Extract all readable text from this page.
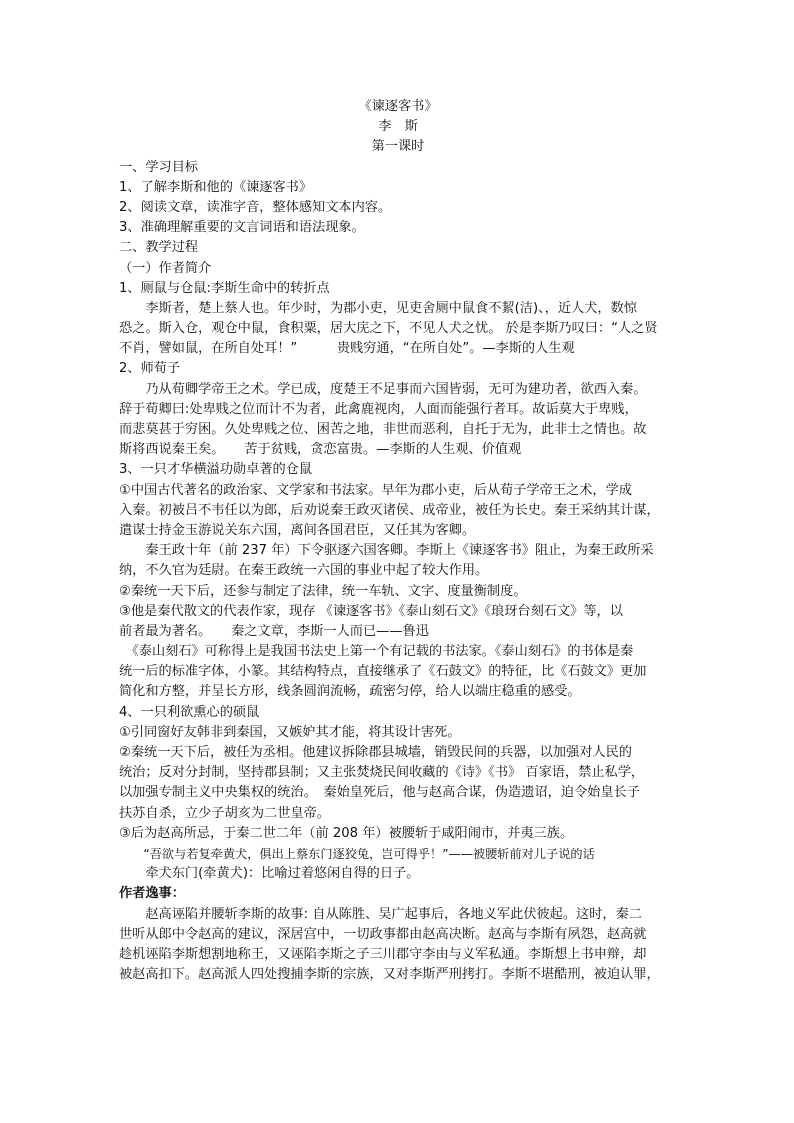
《谏逐客书》
李　斯
第一课时
一、学习目标
1、了解李斯和他的《谏逐客书》
2、阅读文章，读准字音，整体感知文本内容。
3、准确理解重要的文言词语和语法现象。
二、教学过程
（一）作者简介
1、厕鼠与仓鼠:李斯生命中的转折点
　　李斯者，楚上蔡人也。年少时，为郡小吏，见吏舍厕中鼠食不絜(洁)、，近人犬，数惊
恐之。斯入仓，观仓中鼠，食积粟，居大庑之下，不见人犬之忧。 於是李斯乃叹曰：“人之贤
不肖，譬如鼠，在所自处耳！”　　　贵贱穷通，“在所自处”。—李斯的人生观
2、师荀子
　　乃从荀卿学帝王之术。学已成，度楚王不足事而六国皆弱，无可为建功者，欲西入秦。
辞于荀卿曰:处卑贱之位而计不为者，此禽鹿视肉，人面而能强行者耳。故诟莫大于卑贱，
而悲莫甚于穷困。久处卑贱之位、困苦之地，非世而恶利，自托于无为，此非士之情也。故
斯将西说秦王矣。　　苦于贫贱，贪恋富贵。—李斯的人生观、价值观
3、一只才华横溢功勋卓著的仓鼠
①中国古代著名的政治家、文学家和书法家。早年为郡小吏，后从荀子学帝王之术，学成
入秦。初被吕不韦任以为郎，后劝说秦王政灭诸侯、成帝业，被任为长史。秦王采纳其计谋，
遣谋士持金玉游说关东六国，离间各国君臣，又任其为客卿。
　　秦王政十年（前 237 年）下令驱逐六国客卿。李斯上《谏逐客书》阻止，为秦王政所采
纳，不久官为廷尉。在秦王政统一六国的事业中起了较大作用。
②秦统一天下后，还参与制定了法律，统一车轨、文字、度量衡制度。
③他是秦代散文的代表作家，现存 《谏逐客书》《泰山刻石文》《琅玡台刻石文》等，以
前者最为著名。　　秦之文章，李斯一人而已——鲁迅
　《泰山刻石》可称得上是我国书法史上第一个有记载的书法家。《泰山刻石》的书体是秦
统一后的标准字体，小篆。其结构特点，直接继承了《石鼓文》的特征，比《石鼓文》更加
简化和方整，并呈长方形，线条圆润流畅，疏密匀停，给人以端庄稳重的感受。
4、一只利欲熏心的硕鼠
①引同窗好友韩非到秦国，又嫉妒其才能，将其设计害死。
②秦统一天下后，被任为丞相。他建议拆除郡县城墙，销毁民间的兵器，以加强对人民的
统治；反对分封制，坚持郡县制；又主张焚烧民间收藏的《诗》《书》 百家语，禁止私学，
以加强专制主义中央集权的统治。　秦始皇死后，他与赵高合谋，伪造遗诏，迫令始皇长子
扶苏自杀，立少子胡亥为二世皇帝。
③后为赵高所忌，于秦二世二年（前 208 年）被腰斩于咸阳闹市，并夷三族。
　　“吾欲与若复牵黄犬，俱出上蔡东门逐狡兔，岂可得乎！”——被腰斩前对儿子说的话
　　牵犬东门(牵黄犬)：比喻过着悠闲自得的日子。
作者逸事：
　　赵高诬陷并腰斩李斯的故事: 自从陈胜、吴广起事后，各地义军此伏彼起。这时，秦二
世听从郎中令赵高的建议，深居宫中，一切政事都由赵高决断。赵高与李斯有夙怨，赵高就
趁机诬陷李斯想割地称王，又诬陷李斯之子三川郡守李由与义军私通。李斯想上书申辩，却
被赵高扣下。赵高派人四处搜捕李斯的宗族，又对李斯严刑拷打。李斯不堪酷刑，被迫认罪，
